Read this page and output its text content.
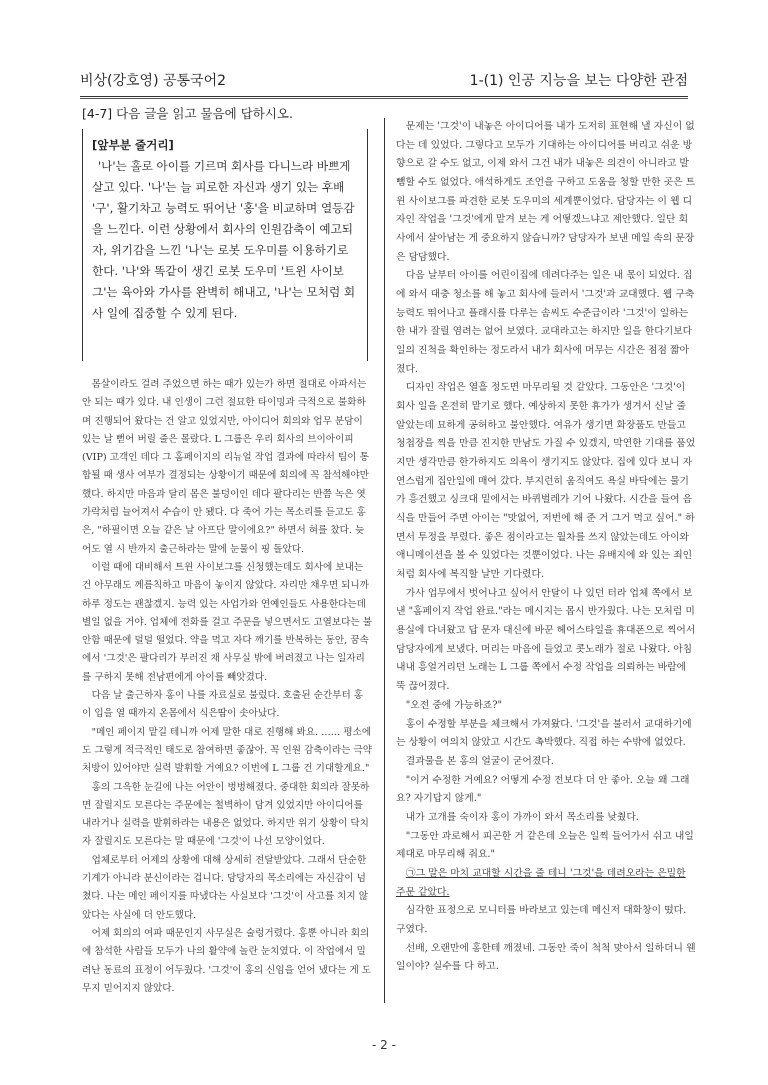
비상(강호영) 공통국어2	1-(1) 인공 지능을 보는 다양한 관점
[4-7] 다음 글을 읽고 물음에 답하시오.

[앞부분 줄거리]

'나'는 홀로 아이를 기르며 회사를 다니느라 바쁘게 살고 있다. '나'는 늘 피로한 자신과 생기 있는 후배 '구', 활기차고 능력도 뛰어난 '홍'을 비교하며 열등감을 느낀다. 이런 상황에서 회사의 인원감축이 예고되자, 위기감을 느낀 '나'는 로봇 도우미를 이용하기로 한다. '나'와 똑같이 생긴 로봇 도우미 '트윈 사이보그'는 육아와 가사를 완벽히 해내고, '나'는 모처럼 회사 일에 집중할 수 있게 된다.

몸살이라도 걸려 주었으면 하는 때가 있는가 하면 절대로 아파서는 안 되는 때가 있다. 내 인생이 그런 절묘한 타이밍과 극적으로 불화하며 진행되어 왔다는 건 알고 있었지만, 아이디어 회의와 업무 분담이 있는 날 뻗어 버릴 줄은 몰랐다. L 그룹은 우리 회사의 브이아이피(VIP) 고객인 데다 그 홈페이지의 리뉴얼 작업 결과에 따라서 팀이 통합될 때 생사 여부가 결정되는 상황이기 때문에 회의에 꼭 참석해야만 했다. 하지만 마음과 달리 몸은 불덩이인 데다 팔다리는 반쯤 녹은 엿가락처럼 늘어져서 수습이 안 됐다. 다 죽어 가는 목소리를 듣고도 홍은, "하필이면 오늘 같은 날 아프단 말이에요?" 하면서 혀를 찼다. 늦어도 열 시 반까지 출근하라는 말에 눈물이 핑 돌았다.

이럴 때에 대비해서 트윈 사이보그를 신청했는데도 회사에 보내는 건 아무래도 께름칙하고 마음이 놓이지 않았다. 자리만 채우면 되니까 하루 정도는 괜찮겠지. 능력 있는 사업가와 연예인들도 사용한다는데 별일 없을 거야. 업체에 전화를 걸고 주문을 넣으면서도 고열보다는 불안함 때문에 덜덜 떨었다. 약을 먹고 자다 깨기를 반복하는 동안, 꿈속에서 '그것'은 팔다리가 부러진 채 사무실 밖에 버려졌고 나는 일자리를 구하지 못해 전남편에게 아이를 빼앗겼다.

다음 날 출근하자 홍이 나를 자료실로 불렀다. 호출된 순간부터 홍이 입을 열 때까지 온몸에서 식은땀이 솟아났다.

"메인 페이지 맡길 테니까 어제 말한 대로 진행해 봐요. …… 평소에도 그렇게 적극적인 태도로 참여하면 좋잖아. 꼭 인원 감축이라는 극약 처방이 있어야만 실력 발휘할 거예요? 이번에 L 그룹 건 기대할게요."

홍의 그윽한 눈길에 나는 어안이 벙벙해졌다. 중대한 회의라 잘못하면 잘릴지도 모른다는 주문에는 철벽하이 담겨 있었지만 아이디어를 내라거나 실력을 발휘하라는 내용은 없었다. 하지만 위기 상황이 닥치자 잘릴지도 모른다는 말 때문에 '그것'이 나선 모양이었다.

업체로부터 어제의 상황에 대해 상세히 전달받았다. 그래서 단순한 기계가 아니라 분신이라는 겁니다. 담당자의 목소리에는 자신감이 넘쳤다. 나는 메인 페이지를 따냈다는 사실보다 '그것'이 사고를 치지 않았다는 사실에 더 안도했다.

어제 회의의 여파 때문인지 사무실은 술렁거렸다. 홍뿐 아니라 회의에 참석한 사람들 모두가 나의 활약에 놀란 눈치였다. 이 작업에서 밀려난 동료의 표정이 어두웠다. '그것'이 홍의 신임을 얻어 냈다는 게 도무지 믿어지지 않았다.

문제는 '그것'이 내놓은 아이디어를 내가 도저히 표현해 낼 자신이 없다는 데 있었다. 그렇다고 모두가 기대하는 아이디어를 버리고 쉬운 방향으로 갈 수도 없고, 이제 와서 그건 내가 내놓은 의견이 아니라고 발뺌할 수도 없었다. 애석하게도 조언을 구하고 도움을 청할 만한 곳은 트윈 사이보그를 파견한 로봇 도우미의 세계뿐이었다. 담당자는 이 웹 디자인 작업을 '그것'에게 맡겨 보는 게 어떻겠느냐고 제안했다. 일단 회사에서 살아남는 게 중요하지 않습니까? 담당자가 보낸 메일 속의 문장은 담담했다.

다음 날부터 아이를 어린이집에 데려다주는 일은 내 몫이 되었다. 집에 와서 대충 청소를 해 놓고 회사에 들러서 '그것'과 교대했다. 웹 구축 능력도 뛰어나고 플래시를 다루는 솜씨도 수준급이라 '그것'이 일하는 한 내가 잘릴 염려는 없어 보였다. 교대라고는 하지만 일을 한다기보다 일의 진척을 확인하는 정도라서 내가 회사에 머무는 시간은 점점 짧아졌다.

디자인 작업은 열흘 정도면 마무리될 것 같았다. 그동안은 '그것'이 회사 일을 온전히 맡기로 했다. 예상하지 못한 휴가가 생겨서 신날 줄 알았는데 묘하게 공허하고 불안했다. 여유가 생기면 화장품도 만들고 청첩장을 찍을 만큼 진지한 만남도 가질 수 있겠지, 막연한 기대를 품었지만 생각만큼 한가하지도 의욕이 생기지도 않았다. 집에 있다 보니 자연스럽게 집안일에 매여 갔다. 부지런히 움직여도 욕실 바닥에는 물기가 흥건했고 싱크대 밑에서는 바퀴벌레가 기어 나왔다. 시간을 들여 음식을 만들어 주면 아이는 "맛없어, 저번에 해 준 거 그거 먹고 싶어." 하면서 투정을 부렸다. 좋은 점이라고는 월차를 쓰지 않았는데도 아이와 애니메이션을 볼 수 있었다는 것뿐이었다. 나는 유배지에 와 있는 죄인처럼 회사에 복직할 날만 기다렸다.

가사 업무에서 벗어나고 싶어서 안달이 나 있던 터라 업체 쪽에서 보낸 "홈페이지 작업 완료."라는 메시지는 몹시 반가웠다. 나는 모처럼 미용실에 다녀왔고 답 문자 대신에 바꾼 헤어스타일을 휴대폰으로 찍어서 담당자에게 보냈다. 머리는 마음에 들었고 콧노래가 절로 나왔다. 아침 내내 흥얼거리던 노래는 L 그룹 쪽에서 수정 작업을 의뢰하는 바람에 뚝 끊어졌다.

"오전 중에 가능하죠?"

홍이 수정할 부분을 체크해서 가져왔다. '그것'을 불러서 교대하기에는 상황이 여의치 않았고 시간도 촉박했다. 직접 하는 수밖에 없었다.

결과물을 본 홍의 얼굴이 굳어졌다.

"이거 수정한 거예요? 어떻게 수정 전보다 더 안 좋아. 오늘 왜 그래요? 자기답지 않게."

내가 고개를 숙이자 홍이 가까이 와서 목소리를 낮췄다.

"그동안 과로해서 피곤한 거 같은데 오늘은 일찍 들어가서 쉬고 내일 제대로 마무리해 줘요."

㉠그 말은 마치 교대할 시간을 줄 테니 '그것'을 데려오라는 은밀한 주문 같았다.

심각한 표정으로 모니터를 바라보고 있는데 메신저 대화창이 떴다. 구였다.

선배, 오랜만에 홍한테 깨졌네. 그동안 죽이 척척 맞아서 일하더니 웬일이야? 실수를 다 하고.

- 2 -
